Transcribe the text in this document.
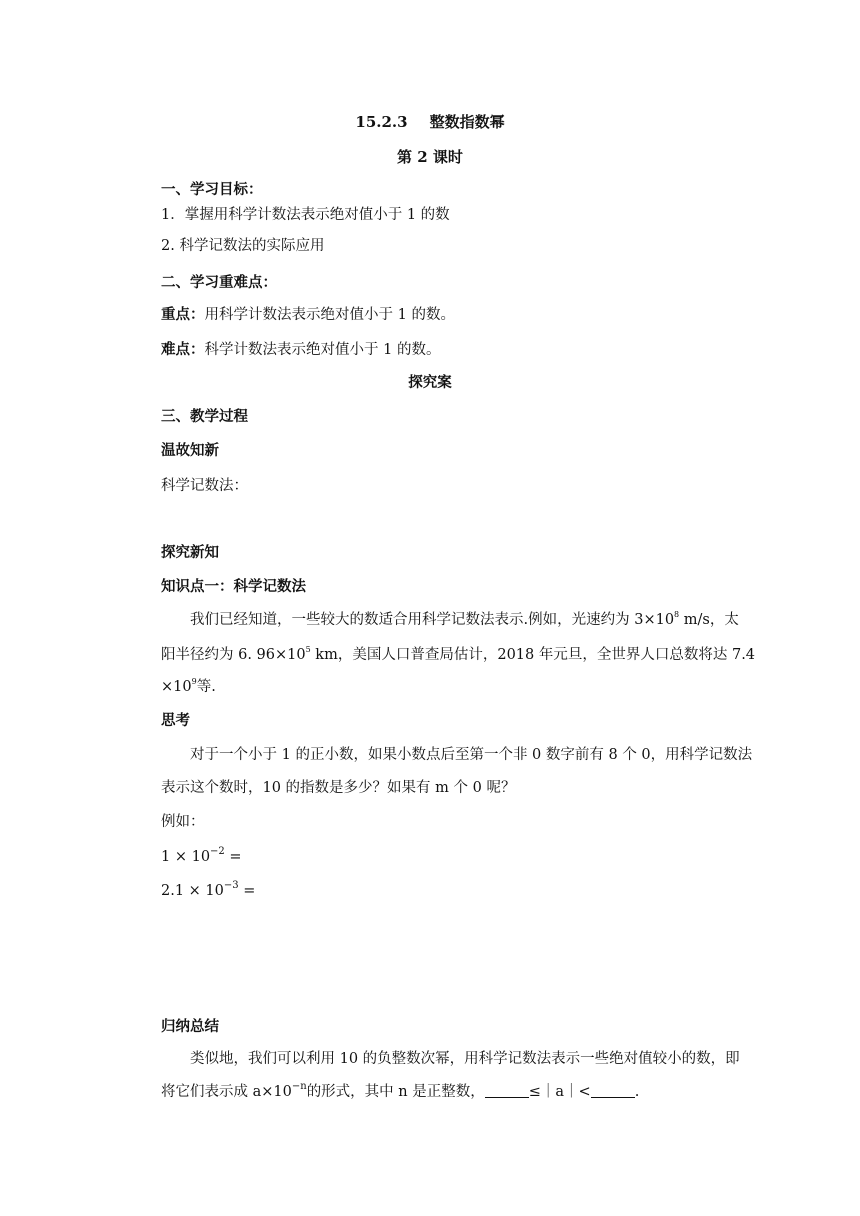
15.2.3 整数指数幂
第 2 课时
一、学习目标：
1．掌握用科学计数法表示绝对值小于 1 的数
2. 科学记数法的实际应用
二、学习重难点：
重点：用科学计数法表示绝对值小于 1 的数。
难点：科学计数法表示绝对值小于 1 的数。
探究案
三、教学过程
温故知新
科学记数法：
探究新知
知识点一：科学记数法
我们已经知道，一些较大的数适合用科学记数法表示.例如，光速约为 $3\times 10^8$ m/s，太
阳半径约为 6. $96\times 10^5$ km，美国人口普查局估计，2018 年元旦，全世界人口总数将达 7.4
$\times 10^9$等.
思考
对于一个小于 1 的正小数，如果小数点后至第一个非 0 数字前有 8 个 0，用科学记数法
表示这个数时，10 的指数是多少？如果有 m 个 0 呢？
例如：
$1 \times 10^{-2}$ =
$2.1 \times 10^{-3}$ =
归纳总结
类似地，我们可以利用 10 的负整数次幂，用科学记数法表示一些绝对值较小的数，即
将它们表示成 $a\times 10^{-n}$的形式，其中 n 是正整数，	≤｜a｜<	.
